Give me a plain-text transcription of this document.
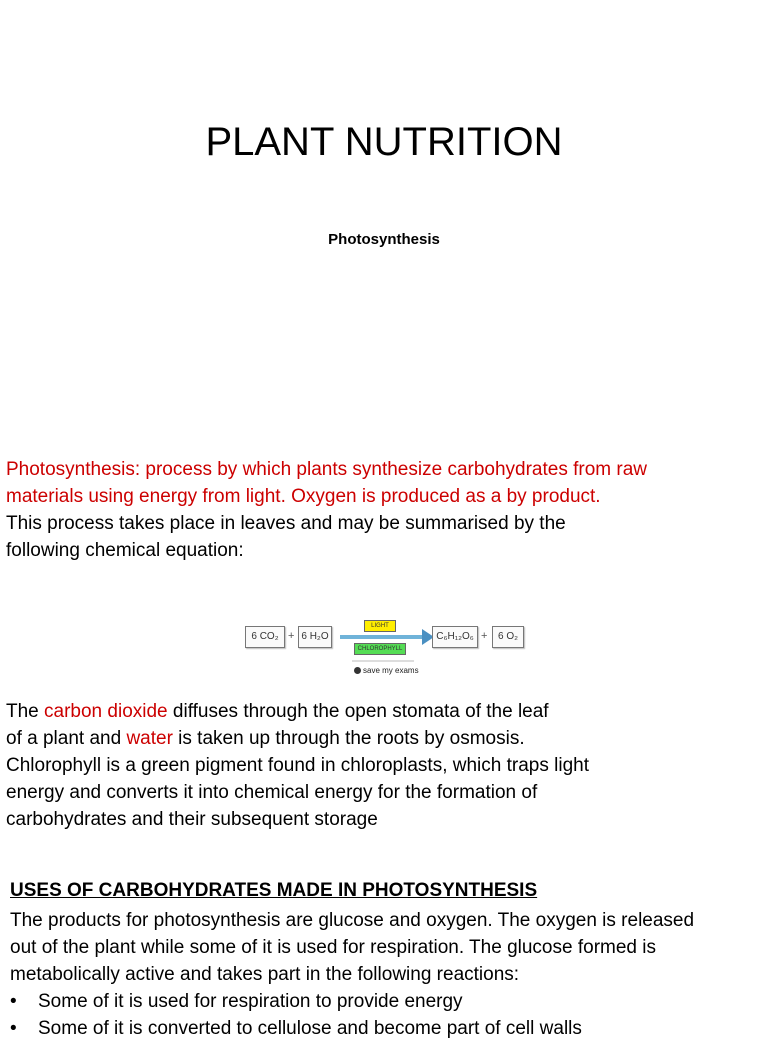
PLANT NUTRITION
Photosynthesis
Photosynthesis: process by which plants synthesize carbohydrates from raw
materials using energy from light. Oxygen is produced as a by product.
This process takes place in leaves and may be summarised by the
following chemical equation:
6 CO₂ + 6 H₂O
LIGHT
CHLOROPHYLL
save my exams
C₆H₁₂O₆ +	6 O₂
The carbon dioxide diffuses through the open stomata of the leaf
of a plant and water is taken up through the roots by osmosis.
Chlorophyll is a green pigment found in chloroplasts, which traps light
energy and converts it into chemical energy for the formation of
carbohydrates and their subsequent storage
USES OF CARBOHYDRATES MADE IN PHOTOSYNTHESIS
The products for photosynthesis are glucose and oxygen. The oxygen is released
out of the plant while some of it is used for respiration. The glucose formed is
metabolically active and takes part in the following reactions:
• Some of it is used for respiration to provide energy
• Some of it is converted to cellulose and become part of cell walls
